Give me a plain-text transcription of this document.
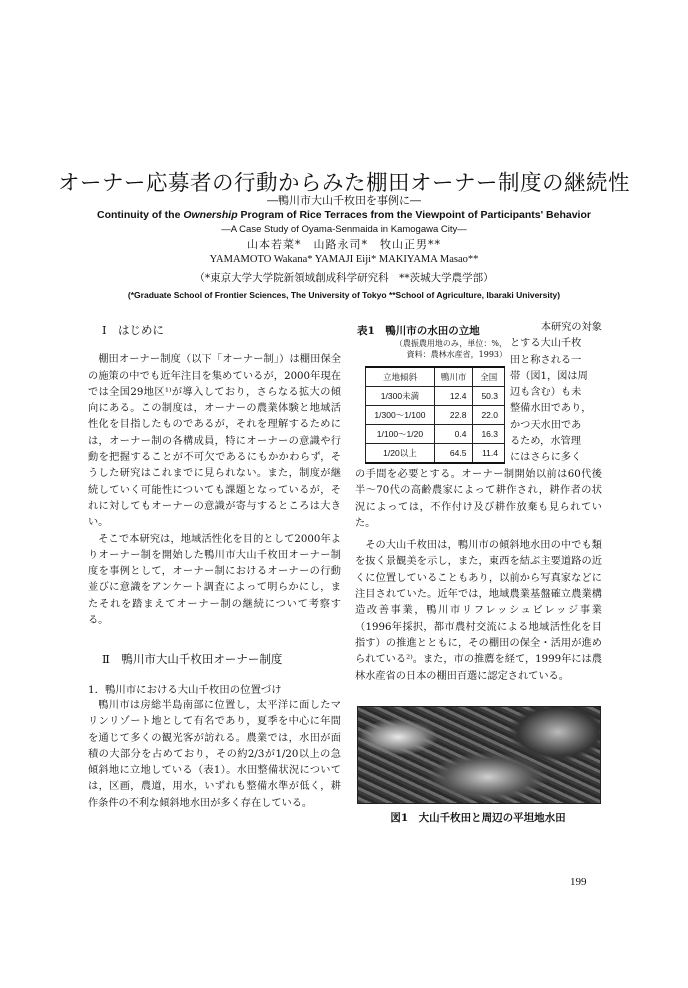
オーナー応募者の行動からみた棚田オーナー制度の継続性
―鴨川市大山千枚田を事例に―
Continuity of the Ownership Program of Rice Terraces from the Viewpoint of Participants' Behavior
―A Case Study of Oyama-Senmaida in Kamogawa City―
山本若菜*　山路永司*　牧山正男**
YAMAMOTO Wakana* YAMAJI Eiji* MAKIYAMA Masao**
（*東京大学大学院新領域創成科学研究科　**茨城大学農学部）
(*Graduate School of Frontier Sciences, The University of Tokyo **School of Agriculture, Ibaraki University)
Ⅰ　はじめに

棚田オーナー制度（以下「オーナー制」）は棚田保全の施策の中でも近年注目を集めているが，2000年現在では全国29地区¹⁾が導入しており，さらなる拡大の傾向にある。この制度は，オーナーの農業体験と地域活性化を目指したものであるが，それを理解するためには，オーナー制の各構成員，特にオーナーの意識や行動を把握することが不可欠であるにもかかわらず，そうした研究はこれまでに見られない。また，制度が継続していく可能性についても課題となっているが，それに対してもオーナーの意識が寄与するところは大きい。

そこで本研究は，地域活性化を目的として2000年よりオーナー制を開始した鴨川市大山千枚田オーナー制度を事例として，オーナー制におけるオーナーの行動並びに意識をアンケート調査によって明らかにし，またそれを踏まえてオーナー制の継続について考察する。

Ⅱ　鴨川市大山千枚田オーナー制度
1．鴨川市における大山千枚田の位置づけ

鴨川市は房総半島南部に位置し，太平洋に面したマリンリゾート地として有名であり，夏季を中心に年間を通じて多くの観光客が訪れる。農業では，水田が面積の大部分を占めており，その約2/3が1/20以上の急傾斜地に立地している（表1）。水田整備状況については，区画，農道，用水，いずれも整備水準が低く，耕作条件の不利な傾斜地水田が多く存在している。

表1　鴨川市の水田の立地
（農振農用地のみ，単位：%，
資料：農林水産省，1993）
立地傾斜	鴨川市	全国
1/300未満	12.4	50.3
1/300～1/100	22.8	22.0
1/100～1/20	0.4	16.3
1/20以上	64.5	11.4
本研究の対象
とする大山千枚
田と称される一
帯（図1，図は周
辺も含む）も未
整備水田であり，
かつ天水田であ
るため，水管理
にはさらに多く

の手間を必要とする。オーナー制開始以前は60代後半～70代の高齢農家によって耕作され，耕作者の状況によっては，不作付け及び耕作放棄も見られていた。

その大山千枚田は，鴨川市の傾斜地水田の中でも類を抜く景観美を示し，また，東西を結ぶ主要道路の近くに位置していることもあり，以前から写真家などに注目されていた。近年では，地域農業基盤確立農業構造改善事業，鴨川市リフレッシュビレッジ事業（1996年採択，都市農村交流による地域活性化を目指す）の推進とともに，その棚田の保全・活用が進められている²⁾。また，市の推薦を経て，1999年には農林水産省の日本の棚田百選に認定されている。

図1　大山千枚田と周辺の平坦地水田
199
